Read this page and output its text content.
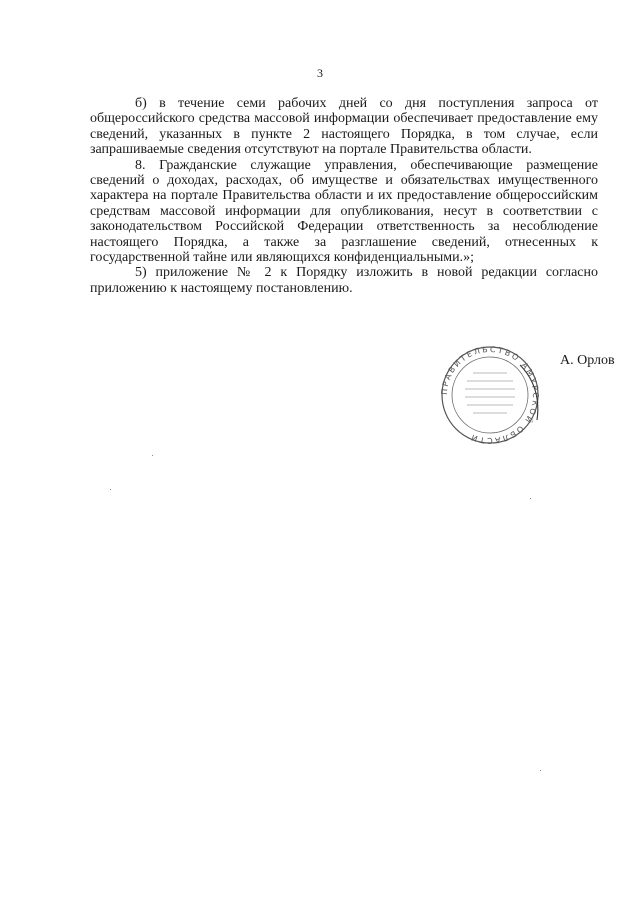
3

б) в течение семи рабочих дней со дня поступления запроса от общероссийского средства массовой информации обеспечивает предоставление ему сведений, указанных в пункте 2 настоящего Порядка, в том случае, если запрашиваемые сведения отсутствуют на портале Правительства области.

8. Гражданские служащие управления, обеспечивающие размещение сведений о доходах, расходах, об имуществе и обязательствах имущественного характера на портале Правительства области и их предоставление общероссийским средствам массовой информации для опубликования, несут в соответствии с законодательством Российской Федерации ответственность за несоблюдение настоящего Порядка, а также за разглашение сведений, отнесенных к государственной тайне или являющихся конфиденциальными.»;

5) приложение № 2 к Порядку изложить в новой редакции согласно приложению к настоящему постановлению.

ПРАВИТЕЛЬСТВО АМУРСКОЙ ОБЛАСТИ
А. Орлов
